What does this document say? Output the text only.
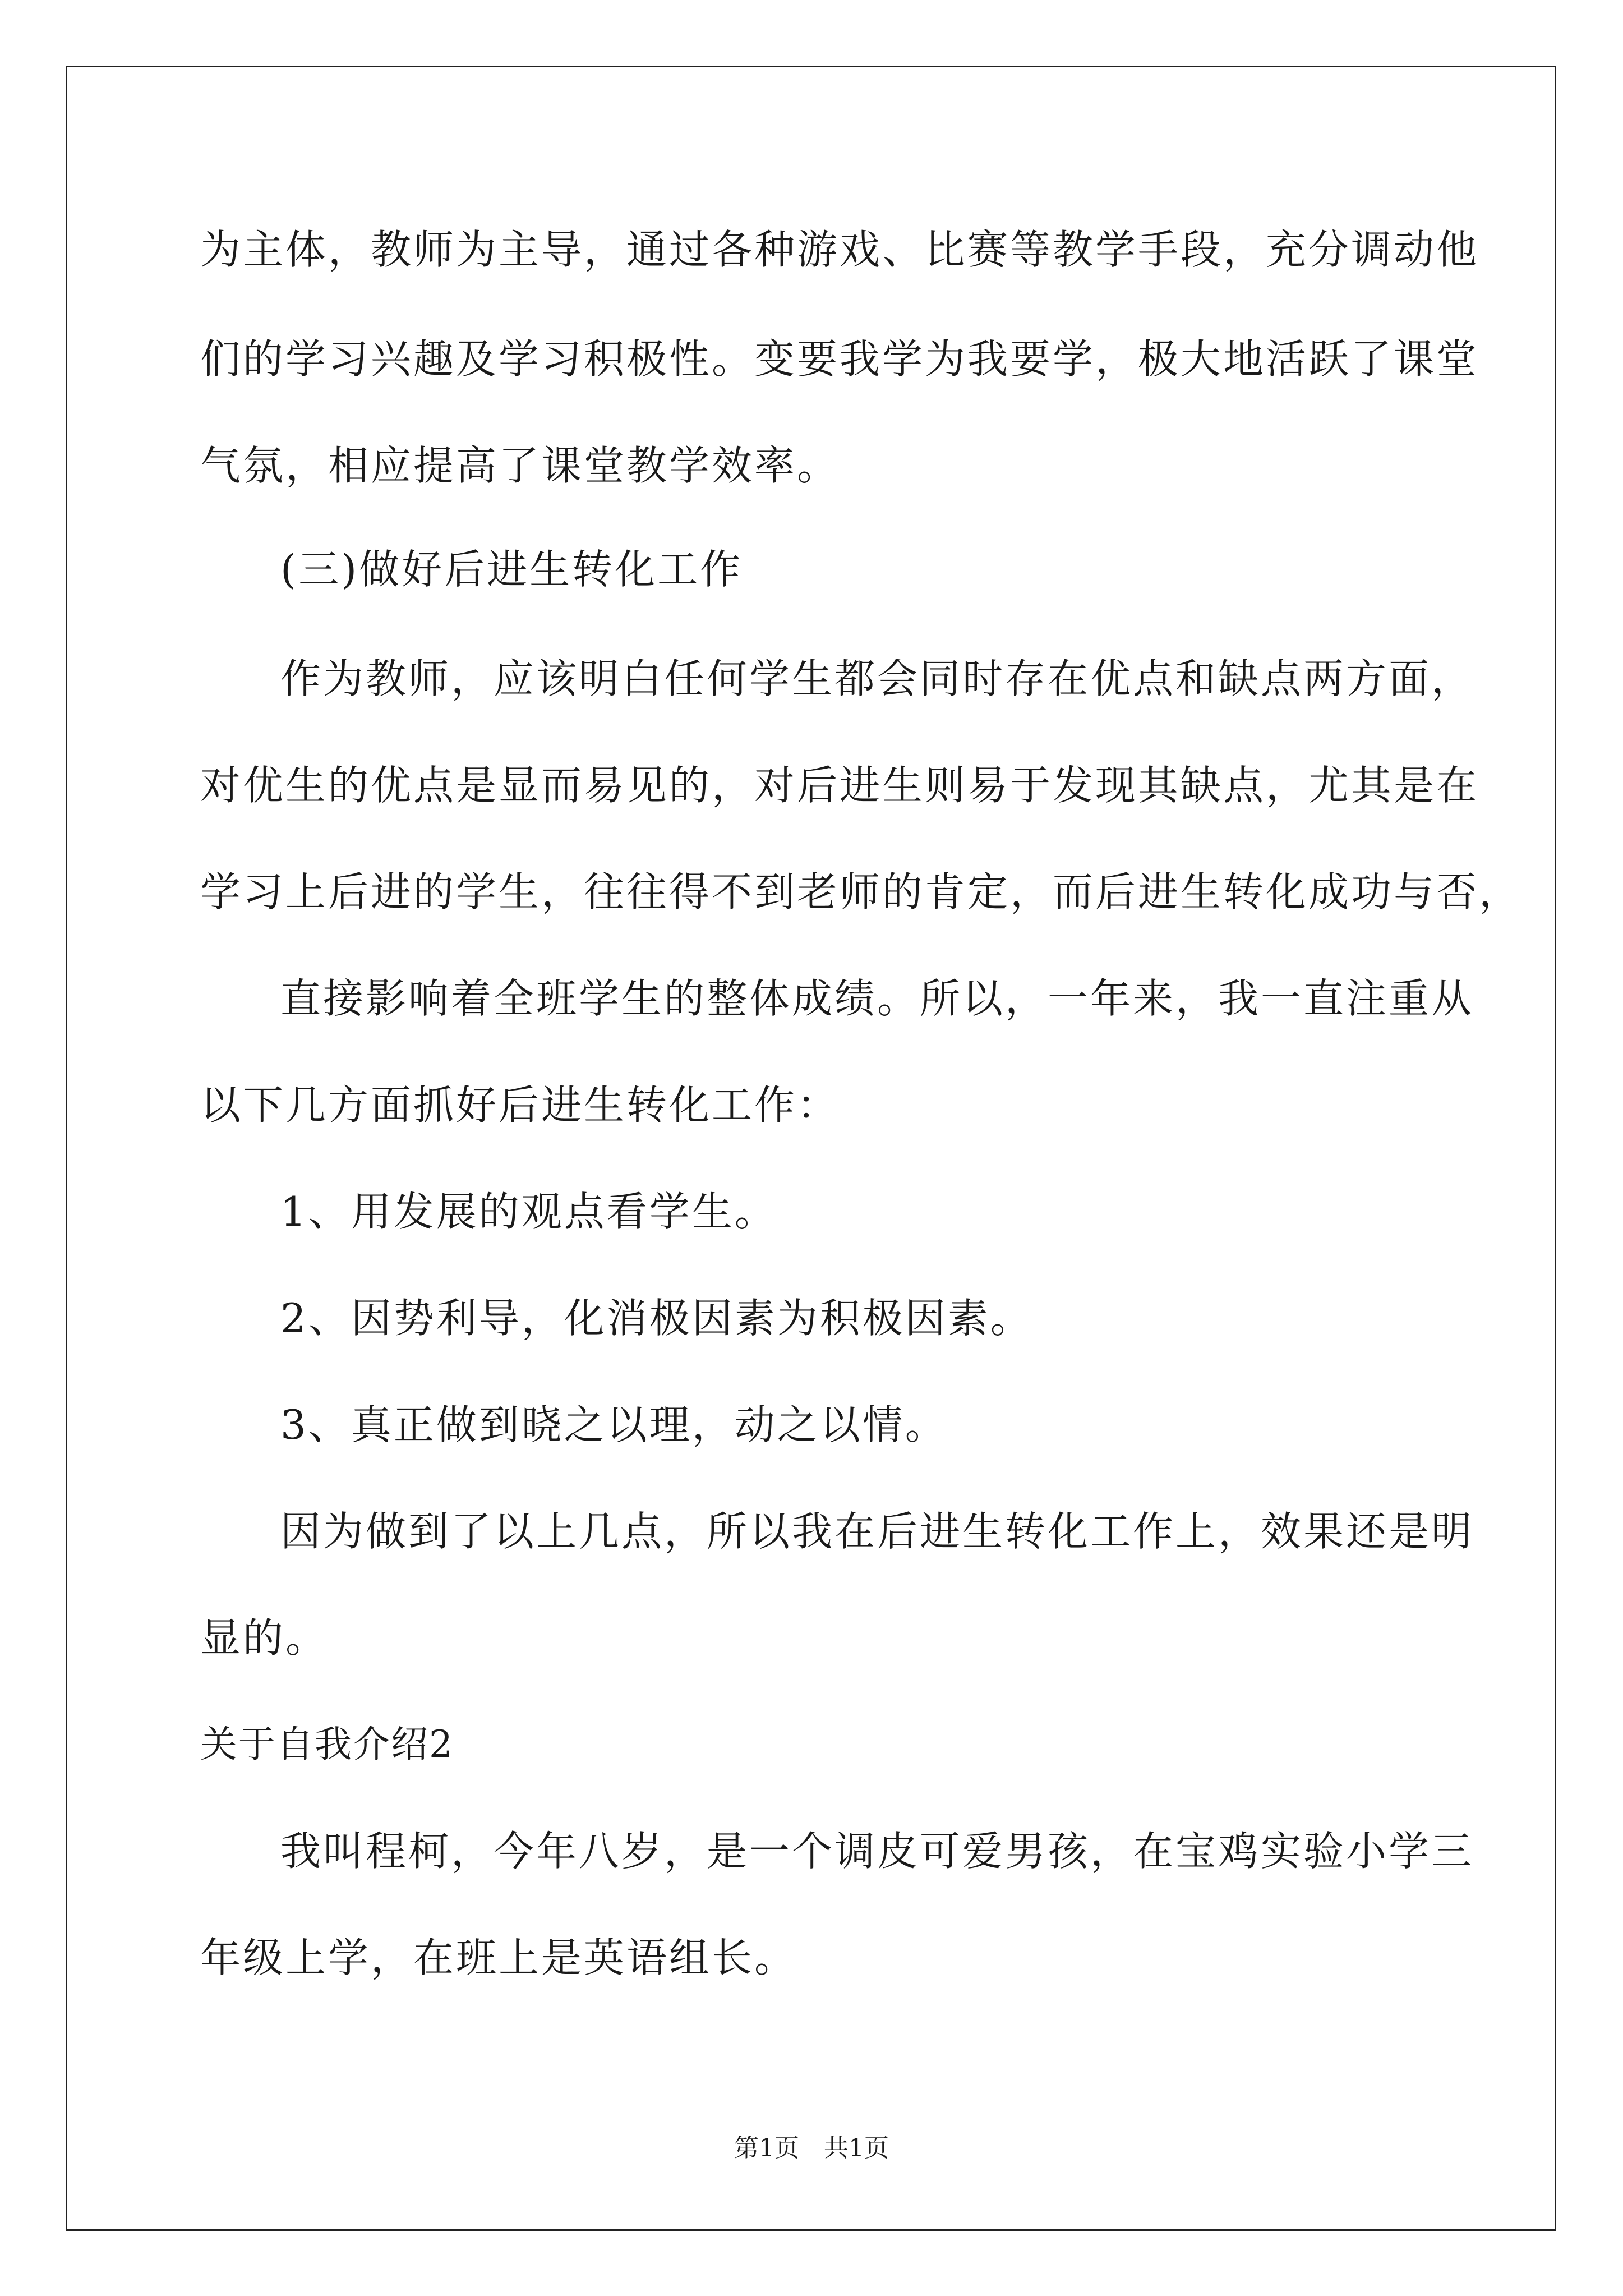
为主体，教师为主导，通过各种游戏、比赛等教学手段，充分调动他
们的学习兴趣及学习积极性。变要我学为我要学，极大地活跃了课堂
气氛，相应提高了课堂教学效率。
(三)做好后进生转化工作
作为教师，应该明白任何学生都会同时存在优点和缺点两方面，
对优生的优点是显而易见的，对后进生则易于发现其缺点，尤其是在
学习上后进的学生，往往得不到老师的肯定，而后进生转化成功与否，
直接影响着全班学生的整体成绩。所以，一年来，我一直注重从
以下几方面抓好后进生转化工作：
1、用发展的观点看学生。
2、因势利导，化消极因素为积极因素。
3、真正做到晓之以理，动之以情。
因为做到了以上几点，所以我在后进生转化工作上，效果还是明
显的。
关于自我介绍2
我叫程柯，今年八岁，是一个调皮可爱男孩，在宝鸡实验小学三
年级上学，在班上是英语组长。
第1页　共1页
